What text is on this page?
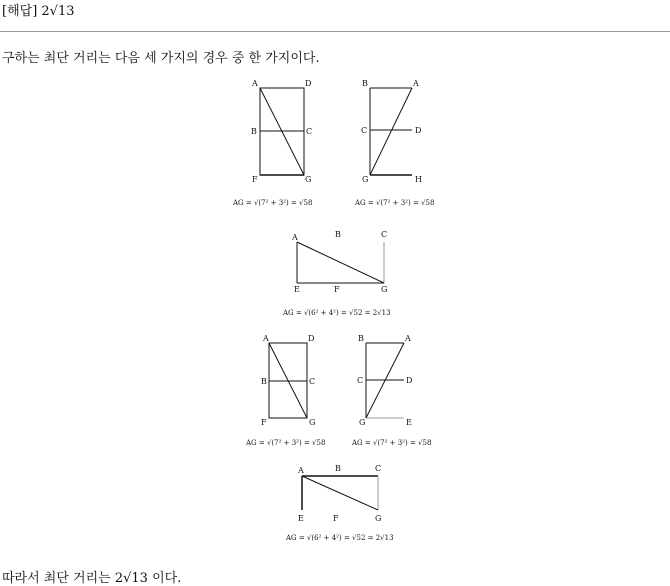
[해답] 2√13
구하는 최단 거리는 다음 세 가지의 경우 중 한 가지이다.
A	D
B	C
F	G
AG = √(7² + 3²) = √58
B	A
C	D
G	H
AG = √(7² + 3²) = √58
A	B	C
E	F	G
AG = √(6² + 4²) = √52 = 2√13
A	D
B	C
F	G
AG = √(7² + 3²) = √58
B	A
C	D
G	E
AG = √(7² + 3²) = √58
A	B	C
E	F	G
AG = √(6² + 4²) = √52 = 2√13
따라서 최단 거리는 2√13 이다.
